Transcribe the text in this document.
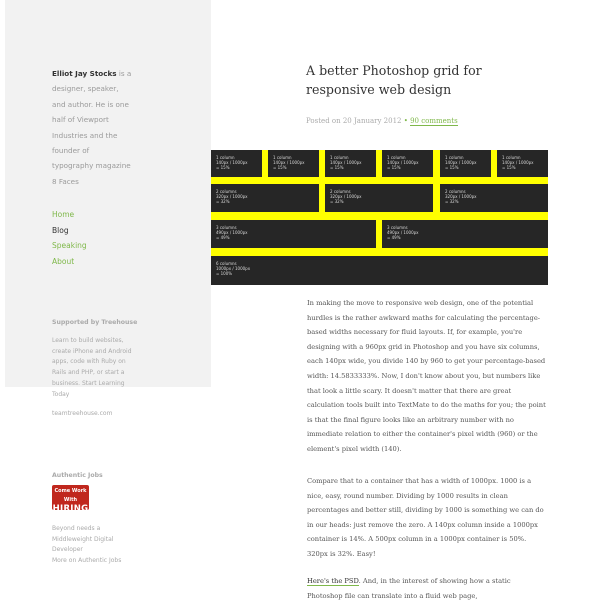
Elliot Jay Stocks is a designer, speaker, and author. He is one half of Viewport Industries and the founder of typography magazine 8 Faces
Home
Blog
Speaking
About
Supported by Treehouse
Learn to build websites, create iPhone and Android apps, code with Ruby on Rails and PHP, or start a business. Start Learning Today
teamtreehouse.com
Authentic Jobs
Come Work With
HIRING
Beyond needs a Middleweight Digital Developer
More on Authentic Jobs
A better Photoshop grid for responsive web design
Posted on 20 January 2012 • 90 comments
1 column
140px / 1000px
= 15%
1 column
140px / 1000px
= 15%
1 column
140px / 1000px
= 15%
1 column
140px / 1000px
= 15%
1 column
140px / 1000px
= 15%
1 column
140px / 1000px
= 15%
2 columns
320px / 1000px
= 32%
2 columns
320px / 1000px
= 32%
2 columns
320px / 1000px
= 32%
3 columns
490px / 1000px
= 49%
3 columns
490px / 1000px
= 49%
6 columns
1000px / 1000px
= 100%

In making the move to responsive web design, one of the potential hurdles is the rather awkward maths for calculating the percentage-based widths necessary for fluid layouts. If, for example, you're designing with a 960px grid in Photoshop and you have six columns, each 140px wide, you divide 140 by 960 to get your percentage-based width: 14.5833333%. Now, I don't know about you, but numbers like that look a little scary. It doesn't matter that there are great calculation tools built into TextMate to do the maths for you; the point is that the final figure looks like an arbitrary number with no immediate relation to either the container's pixel width (960) or the element's pixel width (140).

Compare that to a container that has a width of 1000px. 1000 is a nice, easy, round number. Dividing by 1000 results in clean percentages and better still, dividing by 1000 is something we can do in our heads: just remove the zero. A 140px column inside a 1000px container is 14%. A 500px column in a 1000px container is 50%. 320px is 32%. Easy!

Here's the PSD. And, in the interest of showing how a static Photoshop file can translate into a fluid web page,
